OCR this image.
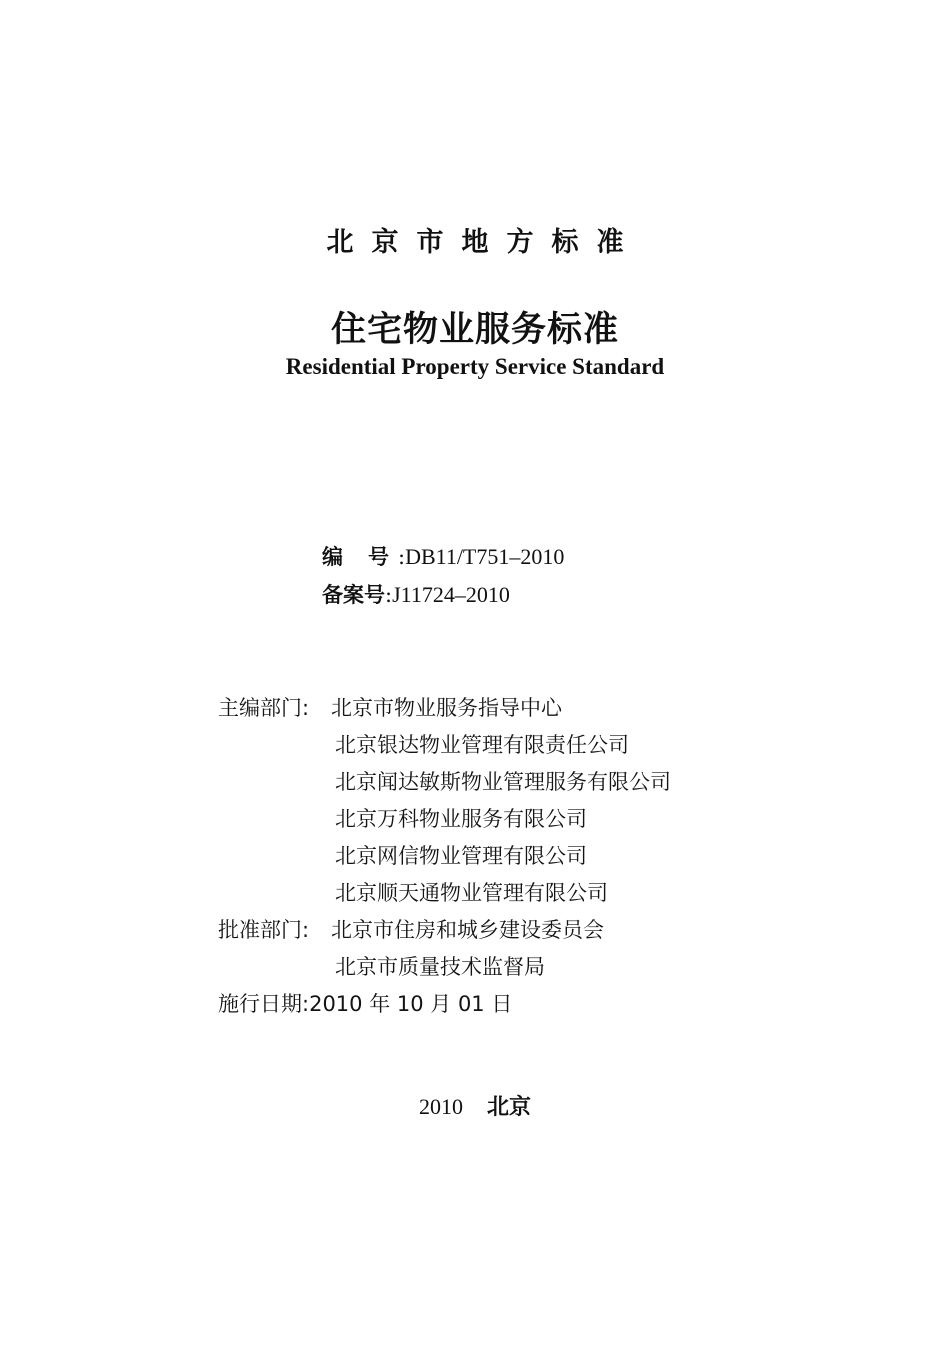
北京市地方标准
住宅物业服务标准
Residential Property Service Standard
编 号 :DB11/T751–2010
备案号:J11724–2010
主编部门: 北京市物业服务指导中心
北京银达物业管理有限责任公司
北京闻达敏斯物业管理服务有限公司
北京万科物业服务有限公司
北京网信物业管理有限公司
北京顺天通物业管理有限公司
批准部门: 北京市住房和城乡建设委员会
北京市质量技术监督局
施行日期:2010 年 10 月 01 日
2010 北京
